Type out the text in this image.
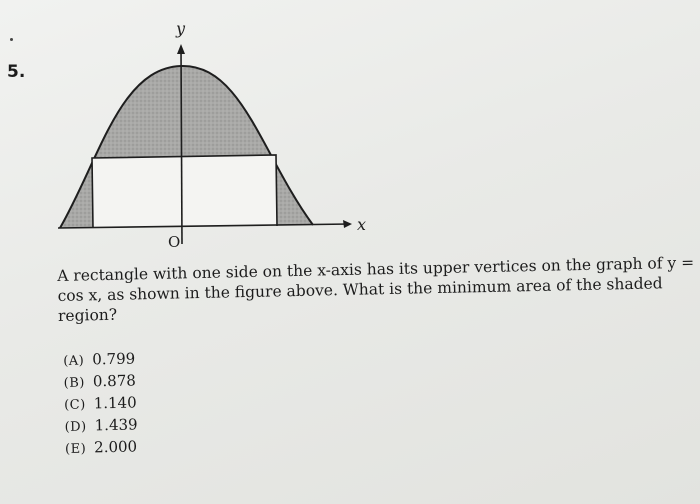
5.
y
x
O
A rectangle with one side on the x-axis has its upper vertices on the graph of y = cos x, as shown in the figure above. What is the minimum area of the shaded region?
(A) 0.799
(B) 0.878
(C) 1.140
(D) 1.439
(E) 2.000
